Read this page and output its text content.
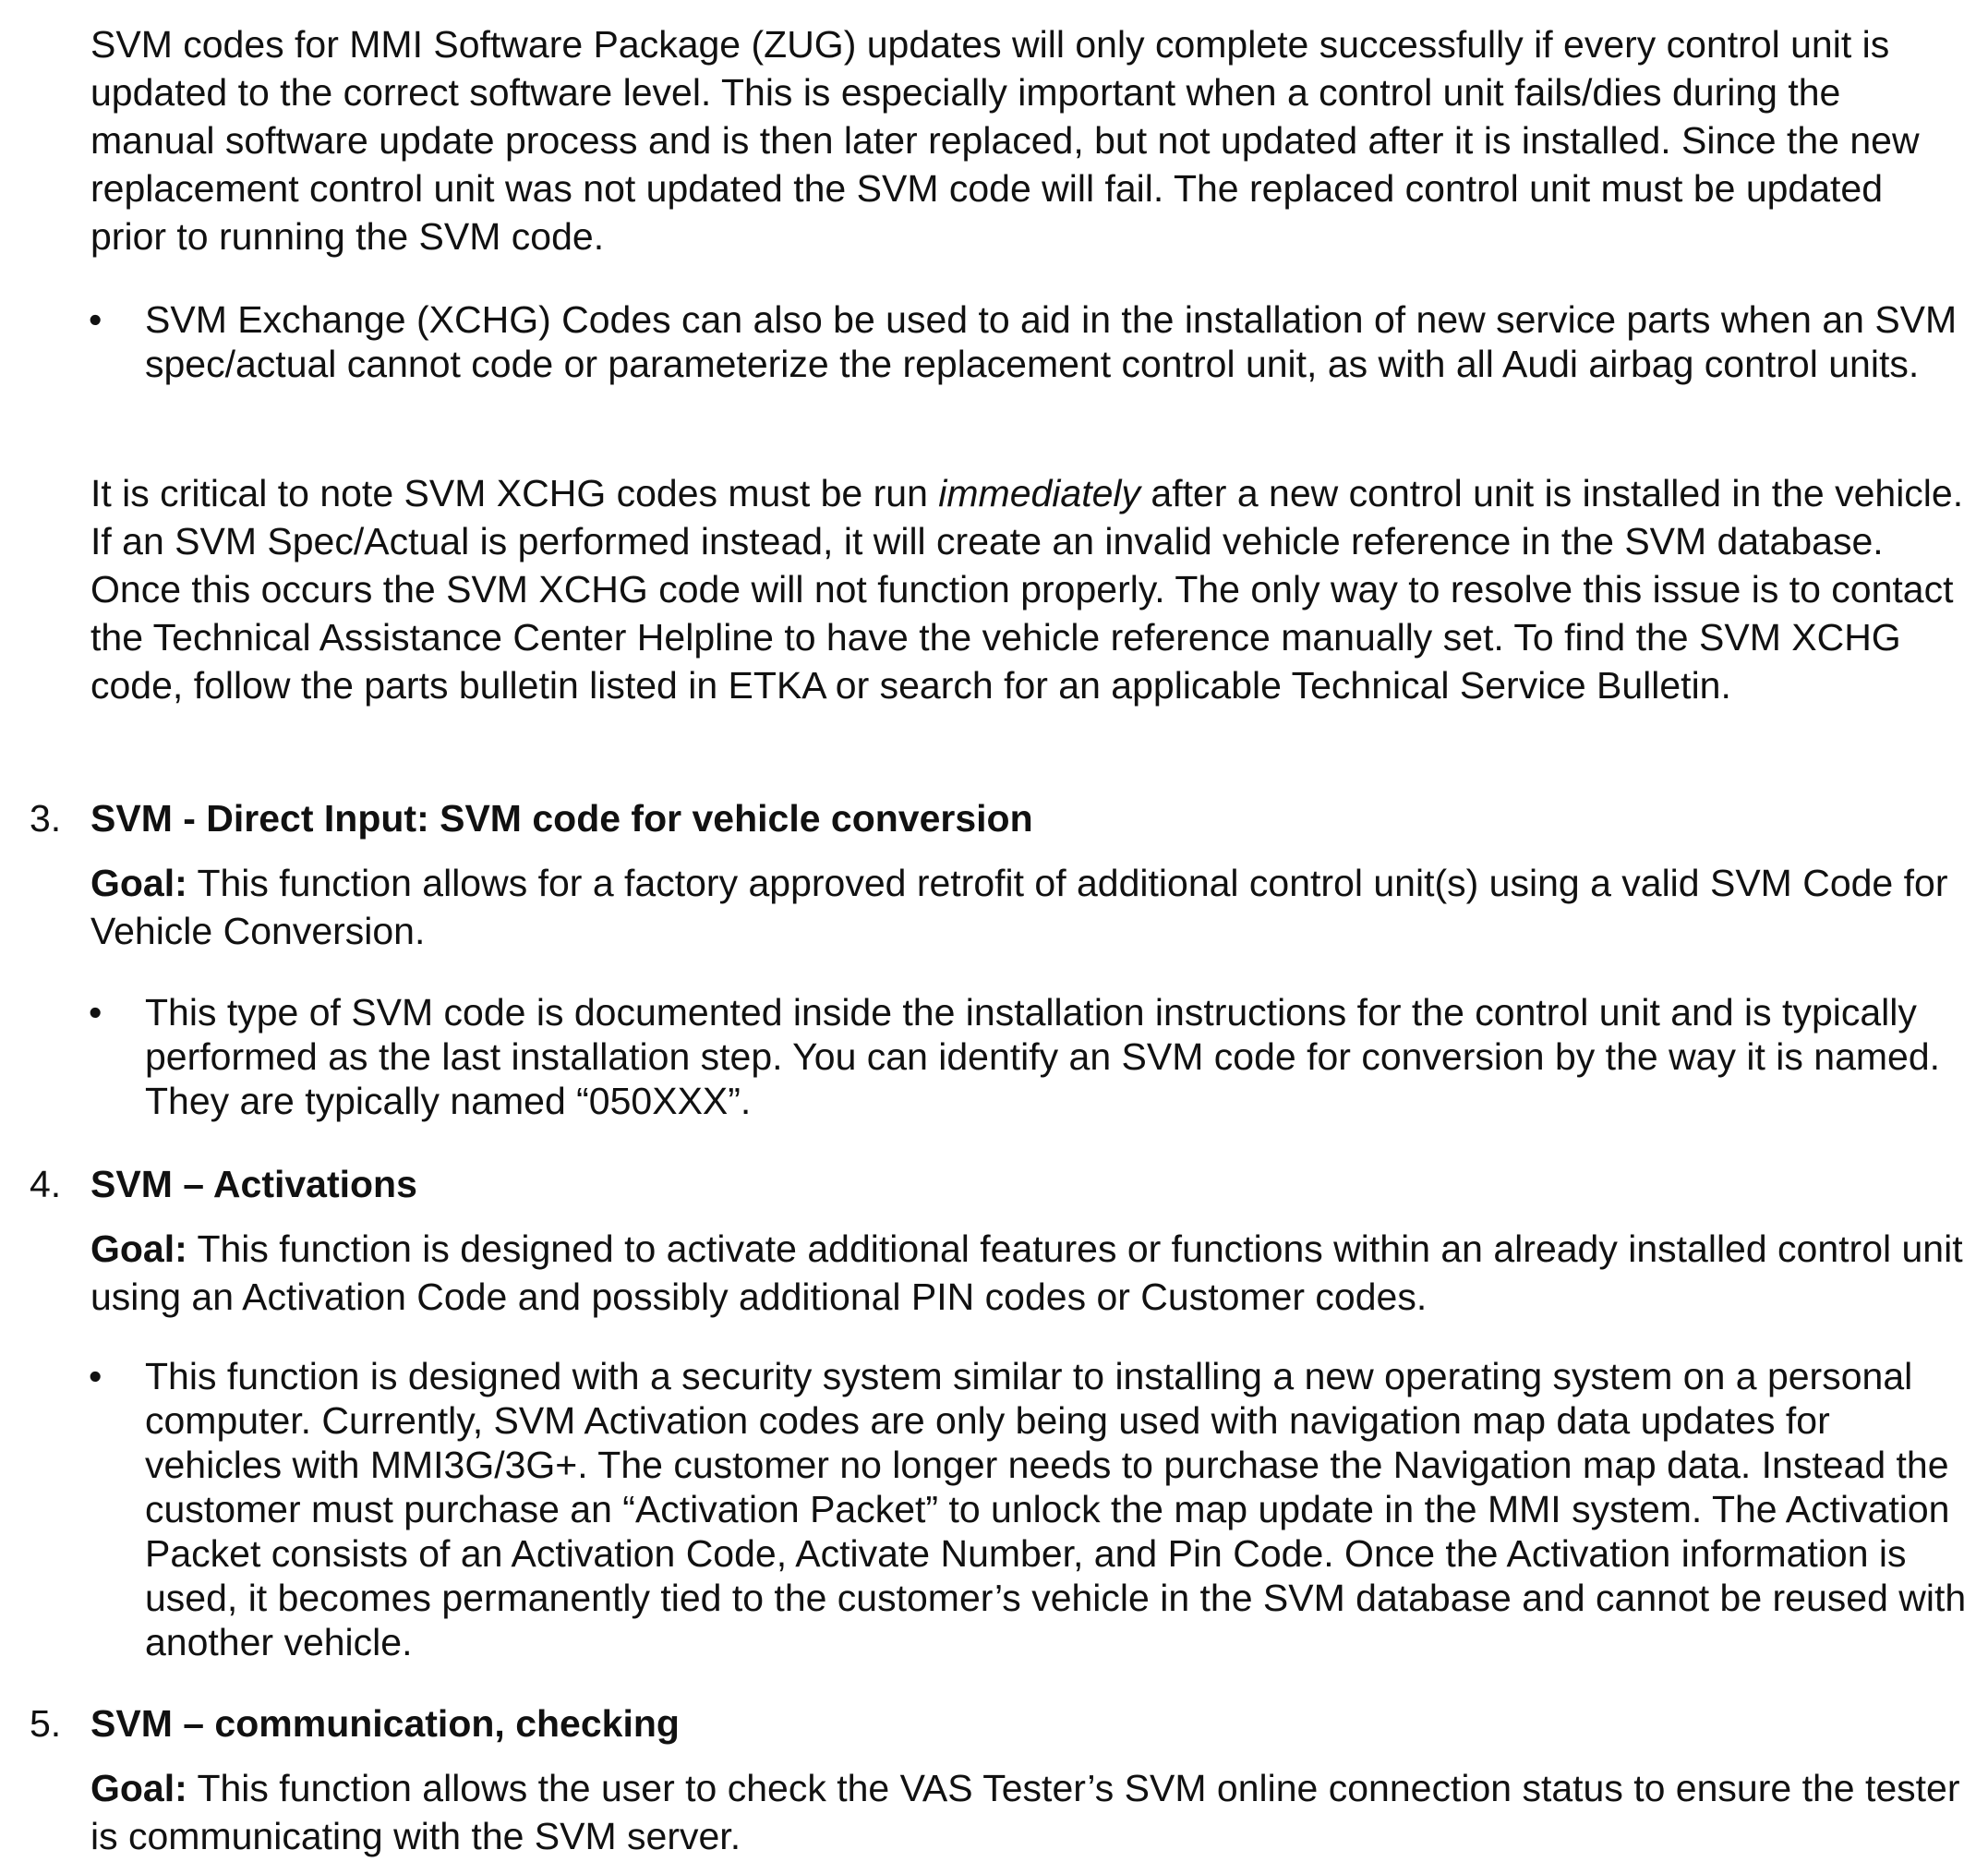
SVM codes for MMI Software Package (ZUG) updates will only complete successfully if every control unit is updated to the correct software level. This is especially important when a control unit fails/dies during the manual software update process and is then later replaced, but not updated after it is installed. Since the new replacement control unit was not updated the SVM code will fail. The replaced control unit must be updated prior to running the SVM code.

• SVM Exchange (XCHG) Codes can also be used to aid in the installation of new service parts when an SVM spec/actual cannot code or parameterize the replacement control unit, as with all Audi airbag control units.

It is critical to note SVM XCHG codes must be run immediately after a new control unit is installed in the vehicle. If an SVM Spec/Actual is performed instead, it will create an invalid vehicle reference in the SVM database. Once this occurs the SVM XCHG code will not function properly. The only way to resolve this issue is to contact the Technical Assistance Center Helpline to have the vehicle reference manually set. To find the SVM XCHG code, follow the parts bulletin listed in ETKA or search for an applicable Technical Service Bulletin.

3. SVM - Direct Input: SVM code for vehicle conversion

Goal: This function allows for a factory approved retrofit of additional control unit(s) using a valid SVM Code for Vehicle Conversion.

• This type of SVM code is documented inside the installation instructions for the control unit and is typically performed as the last installation step. You can identify an SVM code for conversion by the way it is named. They are typically named “050XXX”.

4. SVM – Activations

Goal: This function is designed to activate additional features or functions within an already installed control unit using an Activation Code and possibly additional PIN codes or Customer codes.

• This function is designed with a security system similar to installing a new operating system on a personal computer. Currently, SVM Activation codes are only being used with navigation map data updates for vehicles with MMI3G/3G+. The customer no longer needs to purchase the Navigation map data. Instead the customer must purchase an “Activation Packet” to unlock the map update in the MMI system. The Activation Packet consists of an Activation Code, Activate Number, and Pin Code. Once the Activation information is used, it becomes permanently tied to the customer’s vehicle in the SVM database and cannot be reused with another vehicle.

5. SVM – communication, checking

Goal: This function allows the user to check the VAS Tester’s SVM online connection status to ensure the tester is communicating with the SVM server.
